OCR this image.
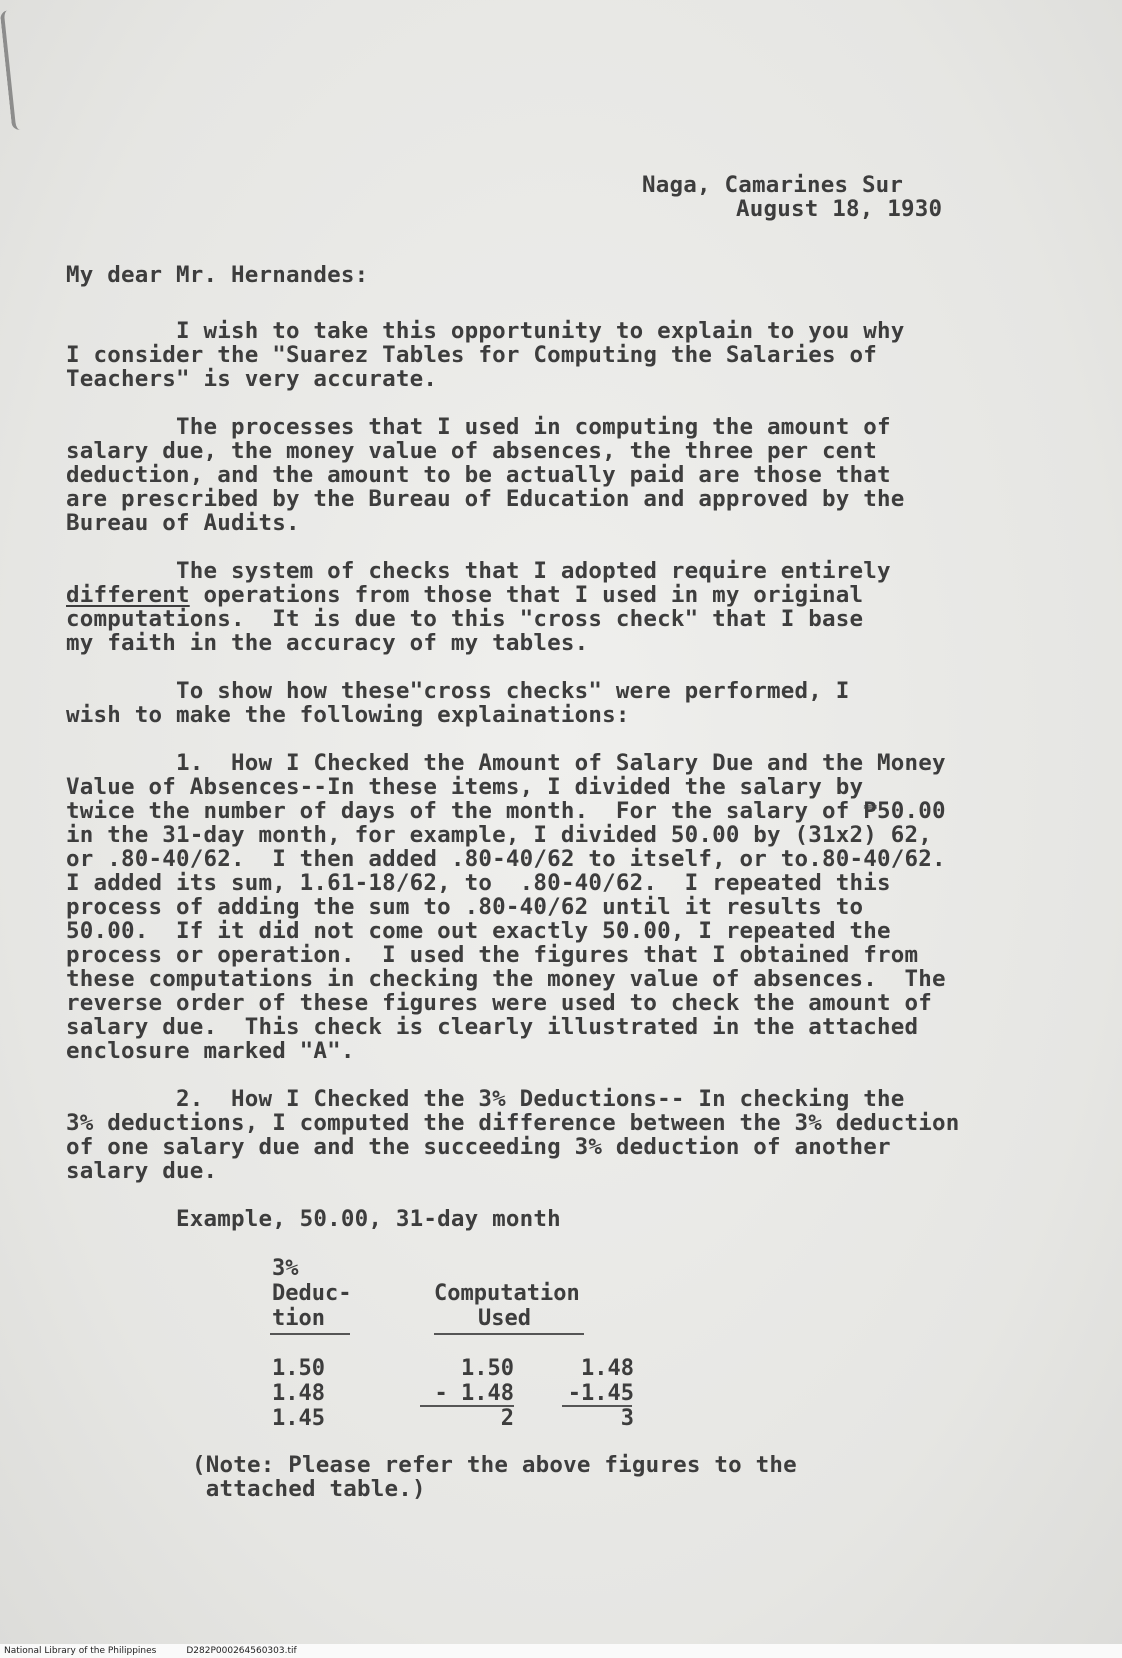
Naga, Camarines Sur
August 18, 1930
My dear Mr. Hernandes:
I wish to take this opportunity to explain to you why
I consider the "Suarez Tables for Computing the Salaries of
Teachers" is very accurate.
The processes that I used in computing the amount of
salary due, the money value of absences, the three per cent
deduction, and the amount to be actually paid are those that
are prescribed by the Bureau of Education and approved by the
Bureau of Audits.
The system of checks that I adopted require entirely
different operations from those that I used in my original
computations.  It is due to this "cross check" that I base
my faith in the accuracy of my tables.
To show how these"cross checks" were performed, I
wish to make the following explainations:
1.  How I Checked the Amount of Salary Due and the Money
Value of Absences--In these items, I divided the salary by
twice the number of days of the month.  For the salary of ₱50.00
in the 31-day month, for example, I divided 50.00 by (31x2) 62,
or .80-40/62.  I then added .80-40/62 to itself, or to.80-40/62.
I added its sum, 1.61-18/62, to  .80-40/62.  I repeated this
process of adding the sum to .80-40/62 until it results to
50.00.  If it did not come out exactly 50.00, I repeated the
process or operation.  I used the figures that I obtained from
these computations in checking the money value of absences.  The
reverse order of these figures were used to check the amount of
salary due.  This check is clearly illustrated in the attached
enclosure marked "A".
2.  How I Checked the 3% Deductions-- In checking the
3% deductions, I computed the difference between the 3% deduction
of one salary due and the succeeding 3% deduction of another
salary due.
Example, 50.00, 31-day month
3%
Deduc-
tion
Computation
Used
1.50
1.48
1.45
1.50
- 1.48
2
1.48
-1.45
3
(Note: Please refer the above figures to the
attached table.)
National Library of the Philippines	D282P000264560303.tif
